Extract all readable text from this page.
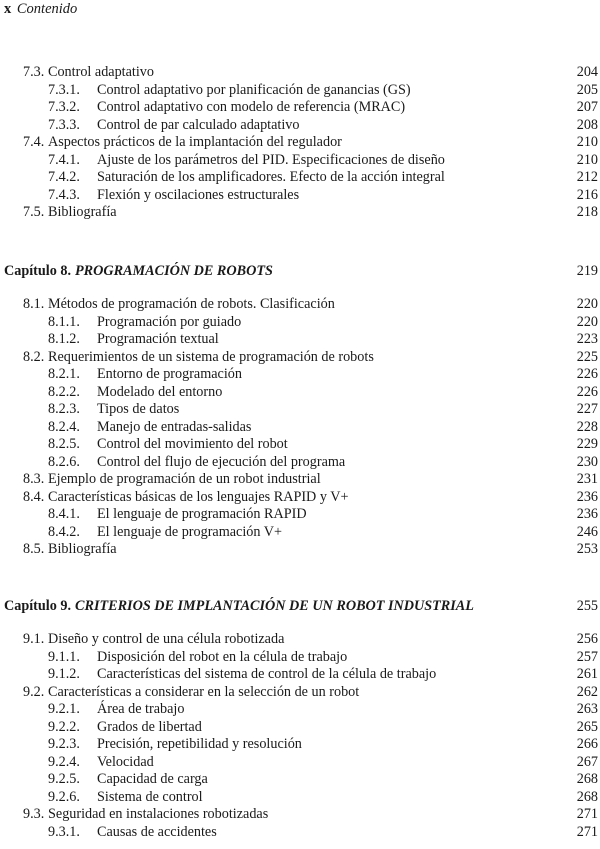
x Contenido
7.3. Control adaptativo	204
7.3.1. Control adaptativo por planificación de ganancias (GS)	205
7.3.2. Control adaptativo con modelo de referencia (MRAC)	207
7.3.3. Control de par calculado adaptativo	208
7.4. Aspectos prácticos de la implantación del regulador	210
7.4.1. Ajuste de los parámetros del PID. Especificaciones de diseño	210
7.4.2. Saturación de los amplificadores. Efecto de la acción integral	212
7.4.3. Flexión y oscilaciones estructurales	216
7.5. Bibliografía	218
Capítulo 8. PROGRAMACIÓN DE ROBOTS	219
8.1. Métodos de programación de robots. Clasificación	220
8.1.1. Programación por guiado	220
8.1.2. Programación textual	223
8.2. Requerimientos de un sistema de programación de robots	225
8.2.1. Entorno de programación	226
8.2.2. Modelado del entorno	226
8.2.3. Tipos de datos	227
8.2.4. Manejo de entradas-salidas	228
8.2.5. Control del movimiento del robot	229
8.2.6. Control del flujo de ejecución del programa	230
8.3. Ejemplo de programación de un robot industrial	231
8.4. Características básicas de los lenguajes RAPID y V+	236
8.4.1. El lenguaje de programación RAPID	236
8.4.2. El lenguaje de programación V+	246
8.5. Bibliografía	253
Capítulo 9. CRITERIOS DE IMPLANTACIÓN DE UN ROBOT INDUSTRIAL	255
9.1. Diseño y control de una célula robotizada	256
9.1.1. Disposición del robot en la célula de trabajo	257
9.1.2. Características del sistema de control de la célula de trabajo	261
9.2. Características a considerar en la selección de un robot	262
9.2.1. Área de trabajo	263
9.2.2. Grados de libertad	265
9.2.3. Precisión, repetibilidad y resolución	266
9.2.4. Velocidad	267
9.2.5. Capacidad de carga	268
9.2.6. Sistema de control	268
9.3. Seguridad en instalaciones robotizadas	271
9.3.1. Causas de accidentes	271
